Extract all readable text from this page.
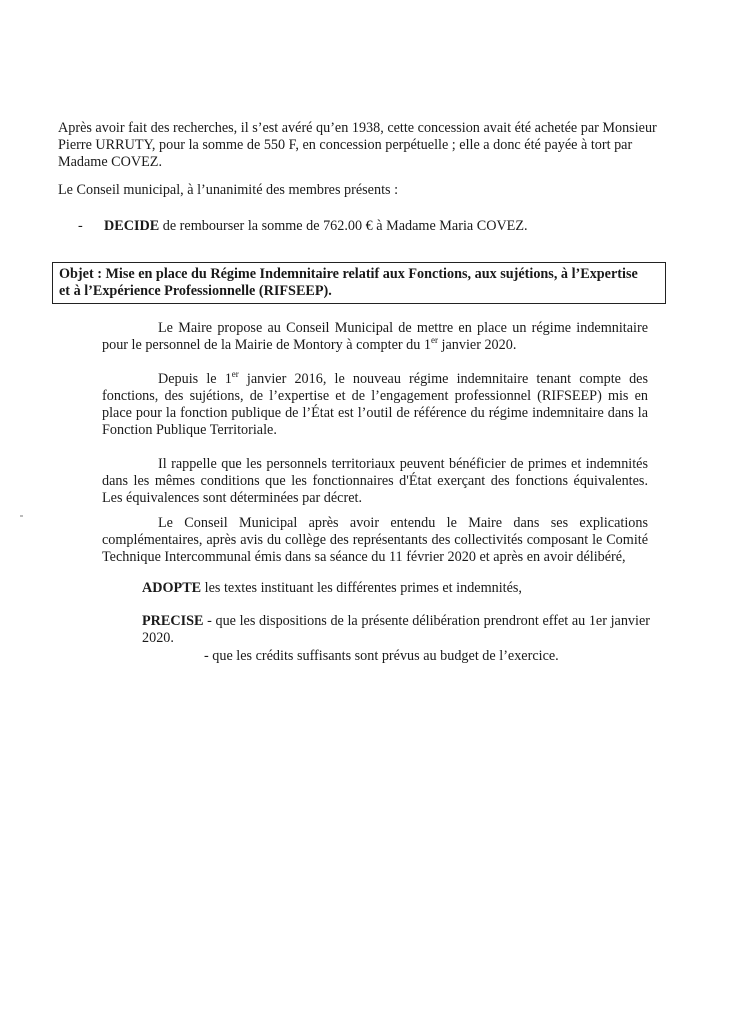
Après avoir fait des recherches, il s’est avéré qu’en 1938, cette concession avait été achetée par Monsieur Pierre URRUTY, pour la somme de 550 F, en concession perpétuelle ; elle a donc été payée à tort par Madame COVEZ.

Le Conseil municipal, à l’unanimité des membres présents :

- DECIDE de rembourser la somme de 762.00 € à Madame Maria COVEZ.

Objet : Mise en place du Régime Indemnitaire relatif aux Fonctions, aux sujétions, à l’Expertise
et à l’Expérience Professionnelle (RIFSEEP).

Le Maire propose au Conseil Municipal de mettre en place un régime indemnitaire pour le personnel de la Mairie de Montory à compter du 1er janvier 2020.

Depuis le 1er janvier 2016, le nouveau régime indemnitaire tenant compte des fonctions, des sujétions, de l’expertise et de l’engagement professionnel (RIFSEEP) mis en place pour la fonction publique de l’État est l’outil de référence du régime indemnitaire dans la Fonction Publique Territoriale.

Il rappelle que les personnels territoriaux peuvent bénéficier de primes et indemnités dans les mêmes conditions que les fonctionnaires d'État exerçant des fonctions équivalentes. Les équivalences sont déterminées par décret.

Le Conseil Municipal après avoir entendu le Maire dans ses explications complémentaires, après avis du collège des représentants des collectivités composant le Comité Technique Intercommunal émis dans sa séance du 11 février 2020 et après en avoir délibéré,

ADOPTE les textes instituant les différentes primes et indemnités,

PRECISE - que les dispositions de la présente délibération prendront effet au 1er janvier 2020.

- que les crédits suffisants sont prévus au budget de l’exercice.
